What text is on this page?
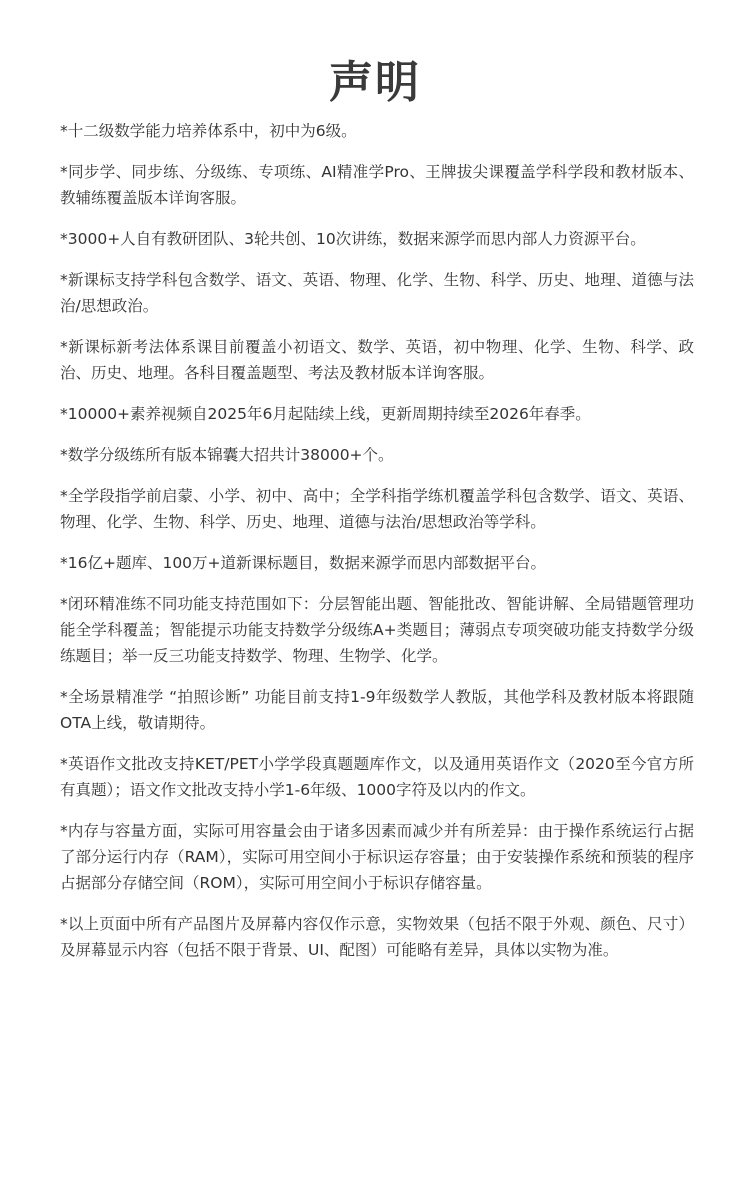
声明
*十二级数学能力培养体系中，初中为6级。
*同步学、同步练、分级练、专项练、AI精准学Pro、王牌拔尖课覆盖学科学段和教材版本、教辅练覆盖版本详询客服。
*3000+人自有教研团队、3轮共创、10次讲练，数据来源学而思内部人力资源平台。
*新课标支持学科包含数学、语文、英语、物理、化学、生物、科学、历史、地理、道德与法治/思想政治。
*新课标新考法体系课目前覆盖小初语文、数学、英语，初中物理、化学、生物、科学、政治、历史、地理。各科目覆盖题型、考法及教材版本详询客服。
*10000+素养视频自2025年6月起陆续上线，更新周期持续至2026年春季。
*数学分级练所有版本锦囊大招共计38000+个。
*全学段指学前启蒙、小学、初中、高中；全学科指学练机覆盖学科包含数学、语文、英语、物理、化学、生物、科学、历史、地理、道德与法治/思想政治等学科。
*16亿+题库、100万+道新课标题目，数据来源学而思内部数据平台。
*闭环精准练不同功能支持范围如下：分层智能出题、智能批改、智能讲解、全局错题管理功能全学科覆盖；智能提示功能支持数学分级练A+类题目；薄弱点专项突破功能支持数学分级练题目；举一反三功能支持数学、物理、生物学、化学。
*全场景精准学 “拍照诊断” 功能目前支持1-9年级数学人教版，其他学科及教材版本将跟随OTA上线，敬请期待。
*英语作文批改支持KET/PET小学学段真题题库作文，以及通用英语作文（2020至今官方所有真题）；语文作文批改支持小学1-6年级、1000字符及以内的作文。
*内存与容量方面，实际可用容量会由于诸多因素而减少并有所差异：由于操作系统运行占据了部分运行内存（RAM），实际可用空间小于标识运存容量；由于安装操作系统和预装的程序占据部分存储空间（ROM），实际可用空间小于标识存储容量。
*以上页面中所有产品图片及屏幕内容仅作示意，实物效果（包括不限于外观、颜色、尺寸）及屏幕显示内容（包括不限于背景、UI、配图）可能略有差异，具体以实物为准。
